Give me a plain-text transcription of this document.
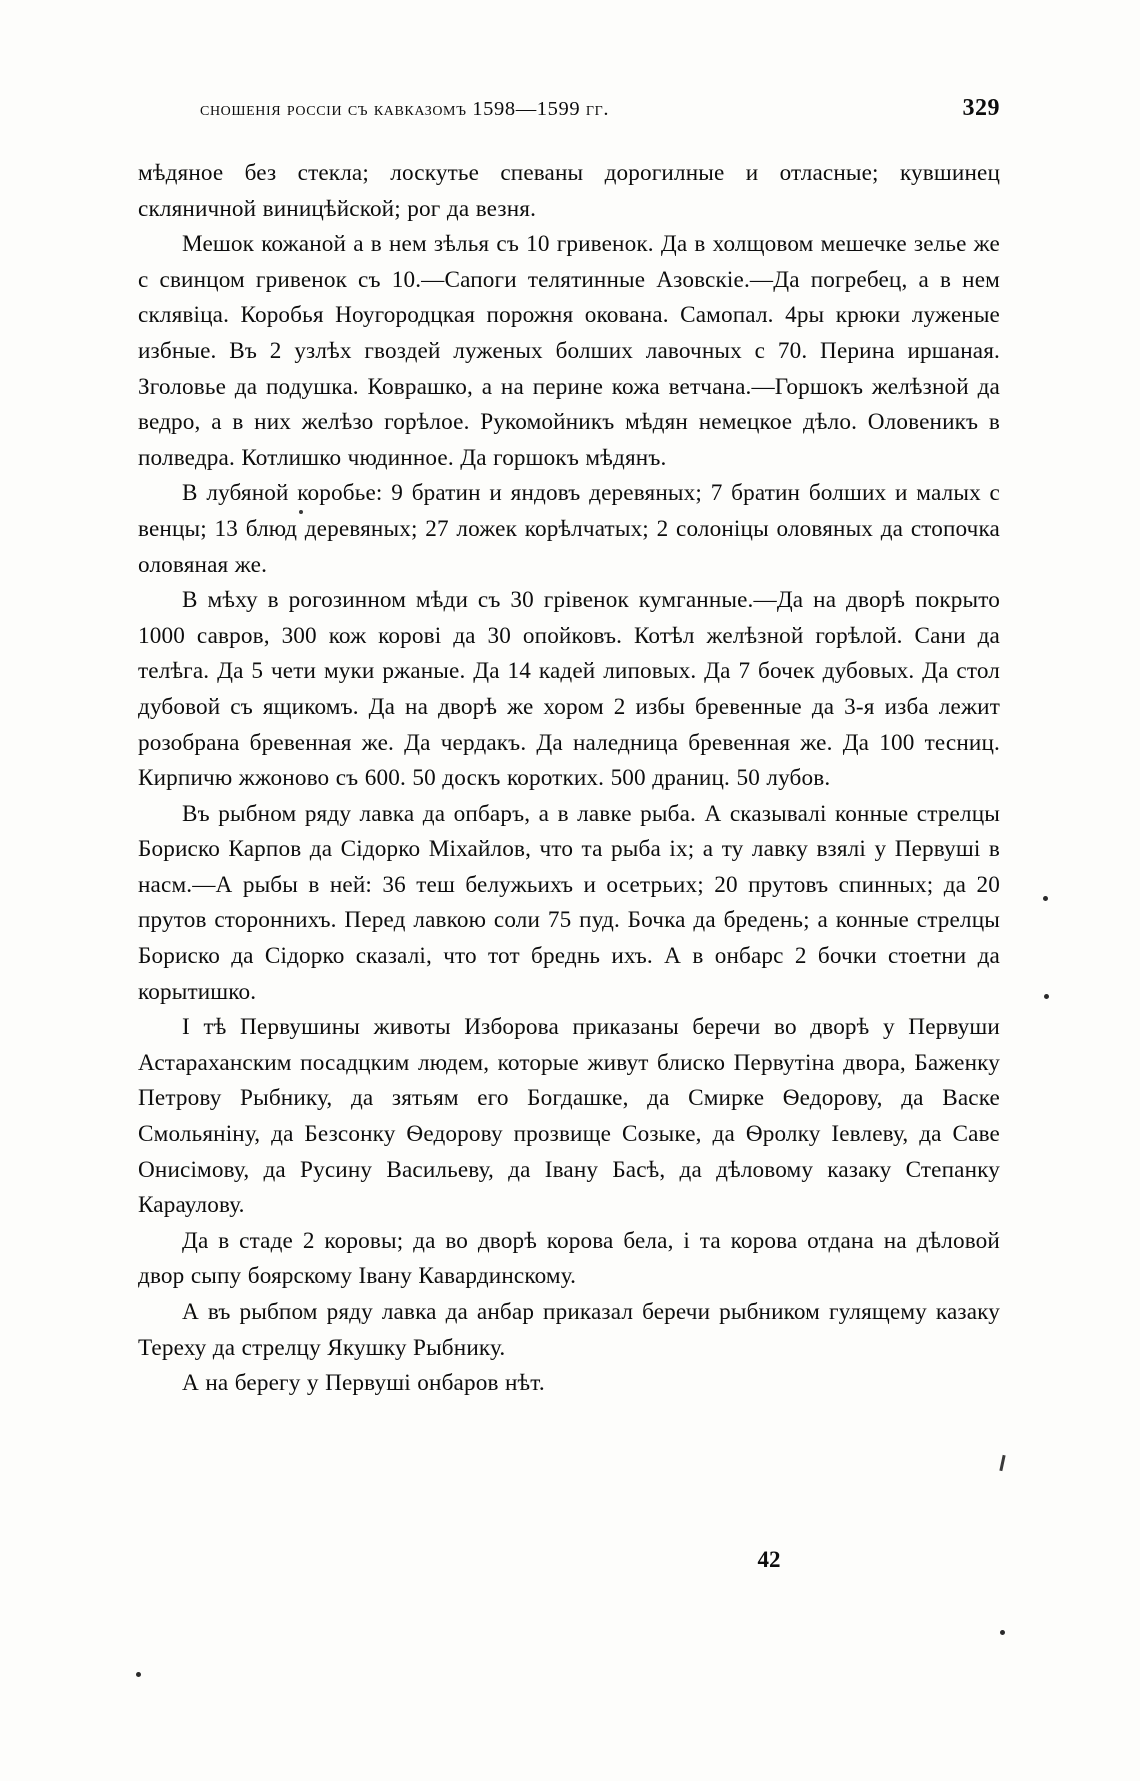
сношенія россіи съ кавказомъ 1598—1599 гг.	329

мѣдяное без стекла; лоскутье спеваны дорогилные и отласные; кувшинец скляничной виницѣйской; рог да везня.

Мешок кожаной а в нем зѣлья съ 10 гривенок. Да в холщовом мешечке зелье же с свинцом гривенок съ 10.—Сапоги телятинные Азовскіе.—Да погребец, а в нем склявіца. Коробья Ноугородцкая порожня окована. Самопал. 4ры крюки луженые избные. Въ 2 узлѣх гвоздей луженых болших лавочных с 70. Перина иршаная. Зголовье да подушка. Коврашко, а на перине кожа ветчана.—Горшокъ желѣзной да ведро, а в них желѣзо горѣлое. Рукомойникъ мѣдян немецкое дѣло. Оловеникъ в полведра. Котлишко чюдинное. Да горшокъ мѣдянъ.

В лубяной коробье: 9 братин и яндовъ деревяных; 7 братин болших и малых с венцы; 13 блюд деревяных; 27 ложек корѣлчатых; 2 солоніцы оловяных да стопочка оловяная же.

В мѣху в рогозинном мѣди съ 30 грівенок кумганные.—Да на дворѣ покрыто 1000 савров, 300 кож коровi да 30 опойковъ. Котѣл желѣзной горѣлой. Сани да телѣга. Да 5 чети муки ржаные. Да 14 кадей липовых. Да 7 бочек дубовых. Да стол дубовой съ ящикомъ. Да на дворѣ же хором 2 избы бревенные да 3-я изба лежит розобрана бревенная же. Да чердакъ. Да наледница бревенная же. Да 100 тесниц. Кирпичю жжоново съ 600. 50 доскъ коротких. 500 драниц. 50 лубов.

Въ рыбном ряду лавка да опбаръ, а в лавке рыба. А сказывалі конные стрелцы Бориско Карпов да Сідорко Міхайлов, что та рыба іх; а ту лавку взялі у Первуші в насм.—А рыбы в ней: 36 теш белужьихъ и осетрьих; 20 прутовъ спинных; да 20 прутов стороннихъ. Перед лавкою соли 75 пуд. Бочка да бредень; а конные стрелцы Бориско да Сідорко сказалі, что тот бреднь ихъ. А в онбарс 2 бочки стоетни да корытишко.

I тѣ Первушины животы Изборова приказаны беречи во дворѣ у Первуши Астараханским посадцким людем, которые живут блиско Первутіна двора, Баженку Петрову Рыбнику, да зятьям его Богдашке, да Смирке Ѳедорову, да Васке Смольянiну, да Безсонку Ѳедорову прозвище Созыке, да Ѳролку Iевлеву, да Саве Онисімову, да Русину Васильеву, да Iвану Басѣ, да дѣловому казаку Степанку Караулову.

Да в стаде 2 коровы; да во дворѣ корова бела, і та корова отдана на дѣловой двор сыпу боярскому Iвану Кавардинскому.

А въ рыбпом ряду лавка да анбар приказал беречи рыбником гулящему казаку Тереху да стрелцу Якушку Рыбнику.

А на берегу у Первуші онбаров нѣт.

42
